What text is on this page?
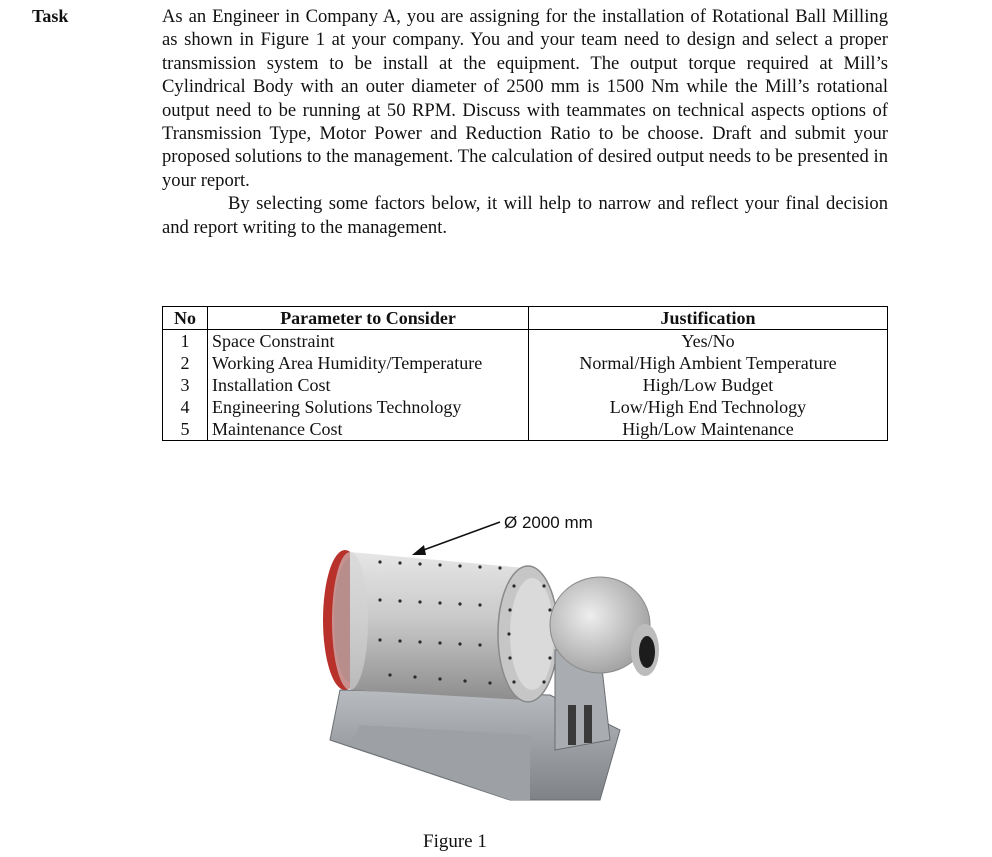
Task	As an Engineer in Company A, you are assigning for the installation of Rotational Ball Milling as shown in Figure 1 at your company. You and your team need to design and select a proper transmission system to be install at the equipment. The output torque required at Mill’s Cylindrical Body with an outer diameter of 2500 mm is 1500 Nm while the Mill’s rotational output need to be running at 50 RPM. Discuss with teammates on technical aspects options of Transmission Type, Motor Power and Reduction Ratio to be choose. Draft and submit your proposed solutions to the management. The calculation of desired output needs to be presented in your report.

By selecting some factors below, it will help to narrow and reflect your final decision and report writing to the management.

No	Parameter to Consider	Justification
1	Space Constraint	Yes/No
2	Working Area Humidity/Temperature	Normal/High Ambient Temperature
3	Installation Cost	High/Low Budget
4	Engineering Solutions Technology	Low/High End Technology
5	Maintenance Cost	High/Low Maintenance
Ø 2000 mm
Figure 1
